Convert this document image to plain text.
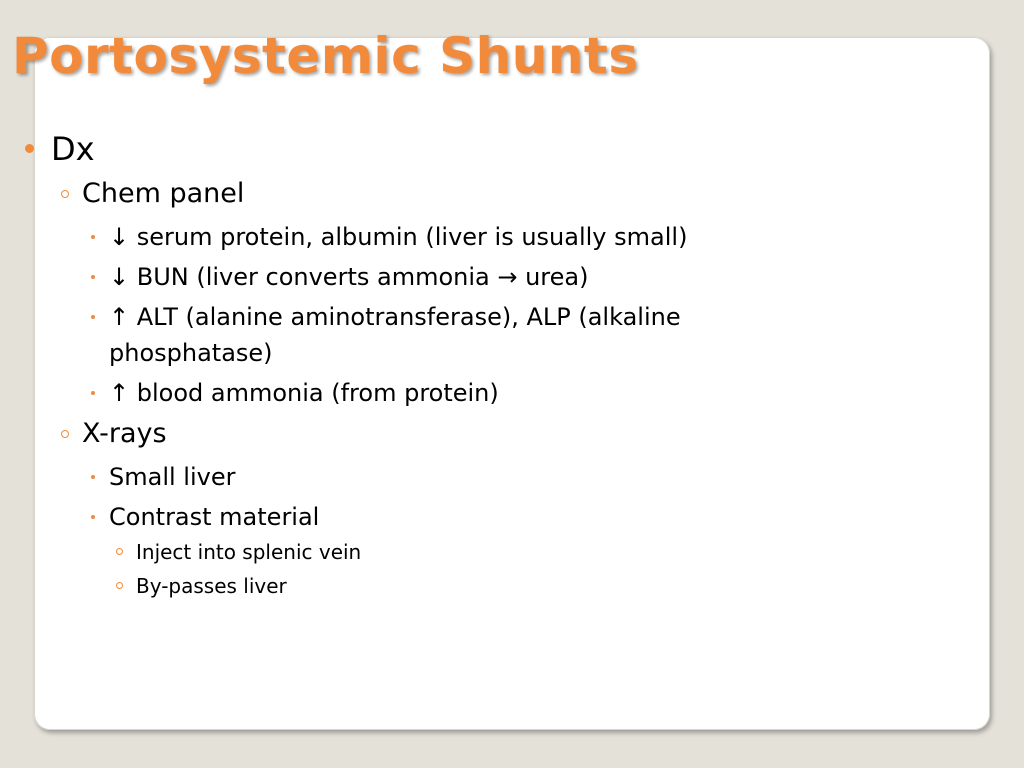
Portosystemic Shunts
Dx
Chem panel
↓ serum protein, albumin (liver is usually small)
↓ BUN (liver converts ammonia → urea)
↑ ALT (alanine aminotransferase), ALP (alkaline
phosphatase)
↑ blood ammonia (from protein)
X-rays
Small liver
Contrast material
Inject into splenic vein
By-passes liver
